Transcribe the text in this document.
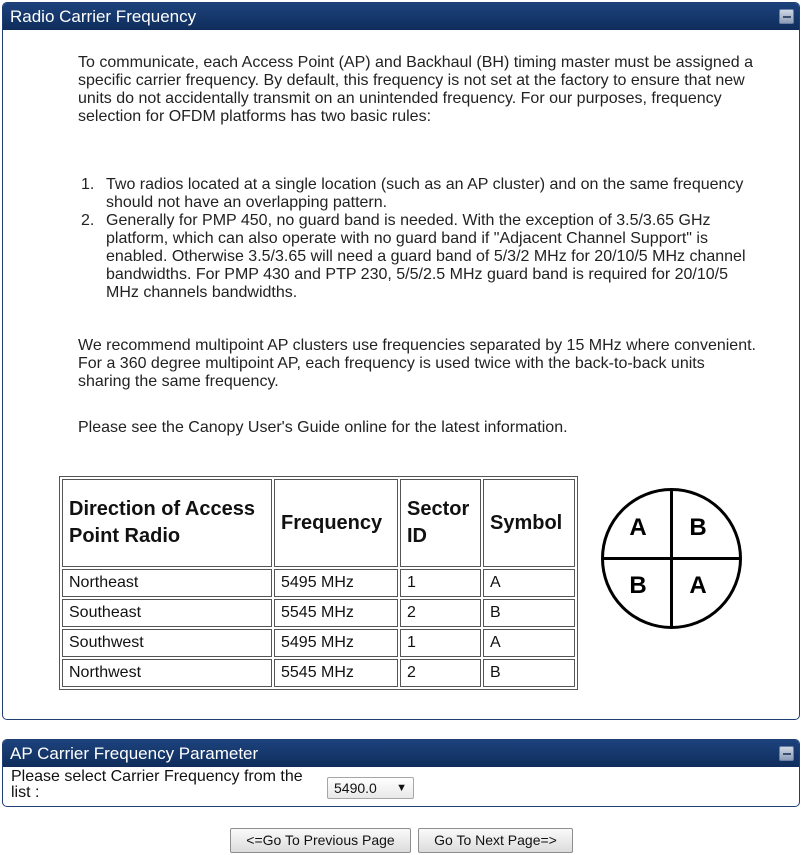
Radio Carrier Frequency
To communicate, each Access Point (AP) and Backhaul (BH) timing master must be assigned a specific carrier frequency. By default, this frequency is not set at the factory to ensure that new units do not accidentally transmit on an unintended frequency. For our purposes, frequency selection for OFDM platforms has two basic rules:
1. Two radios located at a single location (such as an AP cluster) and on the same frequency should not have an overlapping pattern.
2. Generally for PMP 450, no guard band is needed. With the exception of 3.5/3.65 GHz platform, which can also operate with no guard band if "Adjacent Channel Support" is enabled. Otherwise 3.5/3.65 will need a guard band of 5/3/2 MHz for 20/10/5 MHz channel bandwidths. For PMP 430 and PTP 230, 5/5/2.5 MHz guard band is required for 20/10/5 MHz channels bandwidths.
We recommend multipoint AP clusters use frequencies separated by 15 MHz where convenient. For a 360 degree multipoint AP, each frequency is used twice with the back-to-back units sharing the same frequency.
Please see the Canopy User's Guide online for the latest information.
Direction of Access Point Radio	Frequency	Sector ID	Symbol
Northeast	5495 MHz	1	A
Southeast	5545 MHz	2	B
Southwest	5495 MHz	1	A
Northwest	5545 MHz	2	B
A B
B A
AP Carrier Frequency Parameter
Please select Carrier Frequency from the list :	5490.0 ▼
<=Go To Previous Page	Go To Next Page=>
